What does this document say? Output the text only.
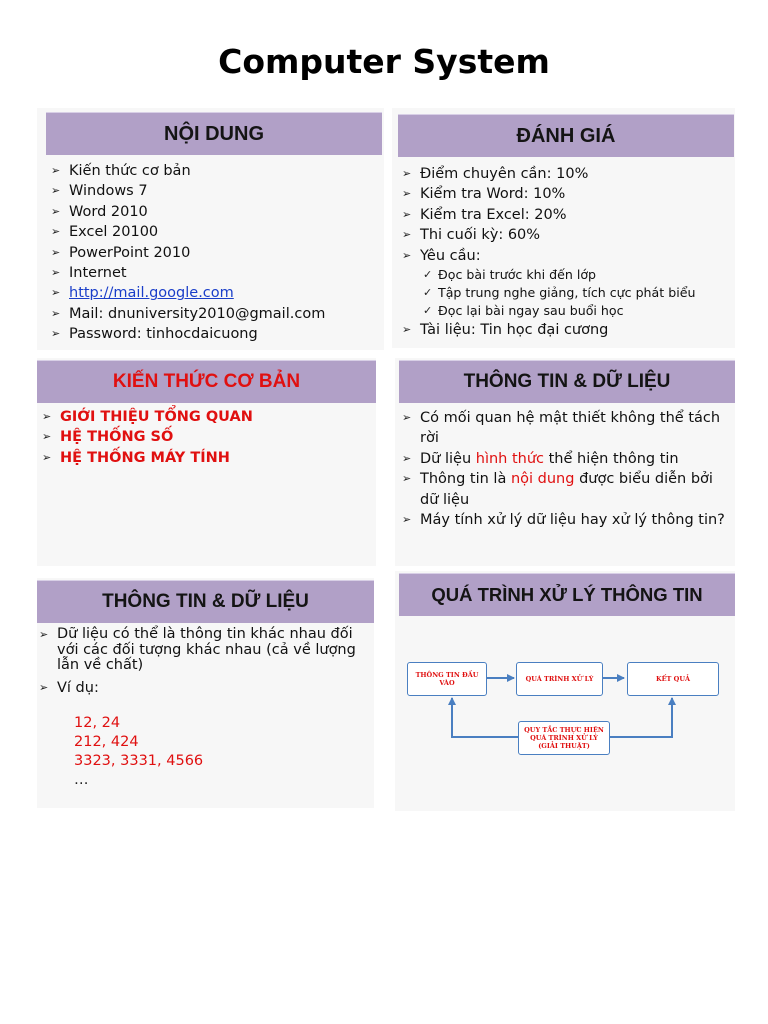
Computer System
NỘI DUNG
➢ Kiến thức cơ bản
➢ Windows 7
➢ Word 2010
➢ Excel 20100
➢ PowerPoint 2010
➢ Internet
➢ http://mail.google.com
➢ Mail: dnuniversity2010@gmail.com
➢ Password: tinhocdaicuong
ĐÁNH GIÁ
➢ Điểm chuyên cần: 10%
➢ Kiểm tra Word: 10%
➢ Kiểm tra Excel: 20%
➢ Thi cuối kỳ: 60%
➢ Yêu cầu:
✓ Đọc bài trước khi đến lớp
✓ Tập trung nghe giảng, tích cực phát biểu
✓ Đọc lại bài ngay sau buổi học
➢ Tài liệu: Tin học đại cương
KIẾN THỨC CƠ BẢN
➢ GIỚI THIỆU TỔNG QUAN
➢ HỆ THỐNG SỐ
➢ HỆ THỐNG MÁY TÍNH
THÔNG TIN & DỮ LIỆU
➢ Có mối quan hệ mật thiết không thể tách rời
➢ Dữ liệu hình thức thể hiện thông tin
➢ Thông tin là nội dung được biểu diễn bởi dữ liệu
➢ Máy tính xử lý dữ liệu hay xử lý thông tin?
THÔNG TIN & DỮ LIỆU
➢ Dữ liệu có thể là thông tin khác nhau đối với các đối tượng khác nhau (cả về lượng lẫn về chất)
➢ Ví dụ:
12, 24
212, 424
3323, 3331, 4566
…
QUÁ TRÌNH XỬ LÝ THÔNG TIN
THÔNG TIN ĐẦU VÀO	QUÁ TRÌNH XỬ LÝ	KẾT QUẢ
QUY TẮC THỰC HIỆN
QUÁ TRÌNH XỬ LÝ
(GIẢI THUẬT)
